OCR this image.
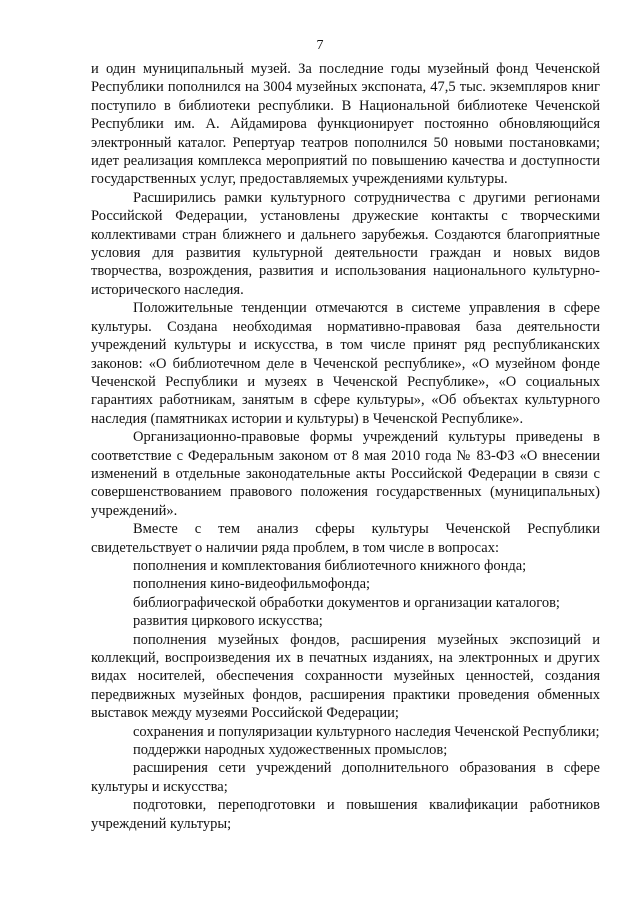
7

и один муниципальный музей. За последние годы музейный фонд Чеченской Республики пополнился на 3004 музейных экспоната, 47,5 тыс. экземпляров книг поступило в библиотеки республики. В Национальной библиотеке Чеченской Республики им. А. Айдамирова функционирует постоянно обновляющийся электронный каталог. Репертуар театров пополнился 50 новыми постановками; идет реализация комплекса мероприятий по повышению качества и доступности государственных услуг, предоставляемых учреждениями культуры.

Расширились рамки культурного сотрудничества с другими регионами Российской Федерации, установлены дружеские контакты с творческими коллективами стран ближнего и дальнего зарубежья. Создаются благоприятные условия для развития культурной деятельности граждан и новых видов творчества, возрождения, развития и использования национального культурно-исторического наследия.

Положительные тенденции отмечаются в системе управления в сфере культуры. Создана необходимая нормативно-правовая база деятельности учреждений культуры и искусства, в том числе принят ряд республиканских законов: «О библиотечном деле в Чеченской республике», «О музейном фонде Чеченской Республики и музеях в Чеченской Республике», «О социальных гарантиях работникам, занятым в сфере культуры», «Об объектах культурного наследия (памятниках истории и культуры) в Чеченской Республике».

Организационно-правовые формы учреждений культуры приведены в соответствие с Федеральным законом от 8 мая 2010 года № 83-ФЗ «О внесении изменений в отдельные законодательные акты Российской Федерации в связи с совершенствованием правового положения государственных (муниципальных) учреждений».

Вместе с тем анализ сферы культуры Чеченской Республики свидетельствует о наличии ряда проблем, в том числе в вопросах:

пополнения и комплектования библиотечного книжного фонда;

пополнения кино-видеофильмофонда;

библиографической обработки документов и организации каталогов;

развития циркового искусства;

пополнения музейных фондов, расширения музейных экспозиций и коллекций, воспроизведения их в печатных изданиях, на электронных и других видах носителей, обеспечения сохранности музейных ценностей, создания передвижных музейных фондов, расширения практики проведения обменных выставок между музеями Российской Федерации;

сохранения и популяризации культурного наследия Чеченской Республики;

поддержки народных художественных промыслов;

расширения сети учреждений дополнительного образования в сфере культуры и искусства;

подготовки, переподготовки и повышения квалификации работников учреждений культуры;
